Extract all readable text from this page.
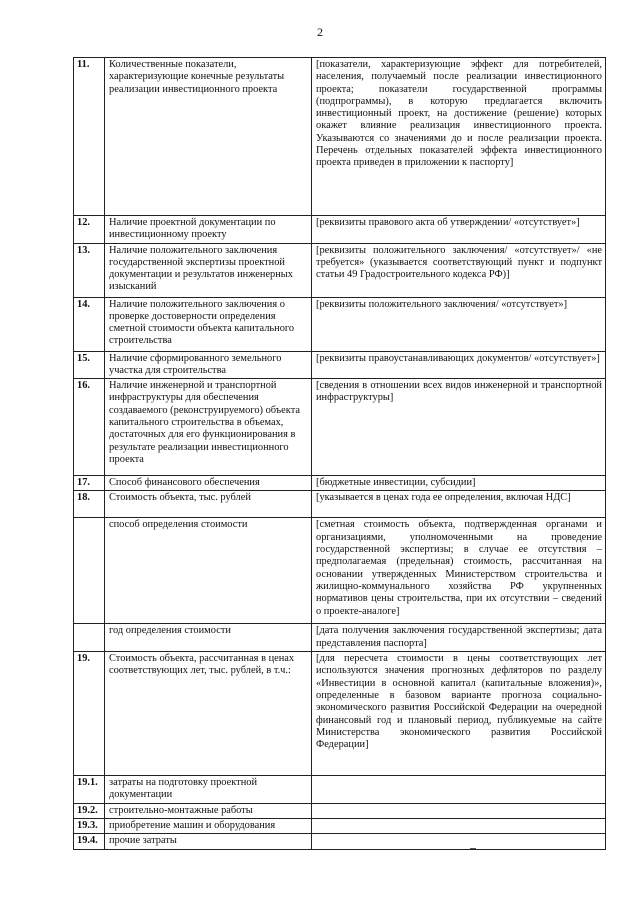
2
11.	Количественные показатели, характеризующие конечные результаты реализации инвестиционного проекта	[показатели, характеризующие эффект для потребителей, населения, получаемый после реализации инвестиционного проекта; показатели государственной программы (подпрограммы), в которую предлагается включить инвестиционный проект, на достижение (решение) которых окажет влияние реализация инвестиционного проекта. Указываются со значениями до и после реализации проекта. Перечень отдельных показателей эффекта инвестиционного проекта приведен в приложении к паспорту]
12.	Наличие проектной документации по инвестиционному проекту	[реквизиты правового акта об утверждении/ «отсутствует»]
13.	Наличие положительного заключения государственной экспертизы проектной документации и результатов инженерных изысканий	[реквизиты положительного заключения/ «отсутствует»/ «не требуется» (указывается соответствующий пункт и подпункт статьи 49 Градостроительного кодекса РФ)]
14.	Наличие положительного заключения о проверке достоверности определения сметной стоимости объекта капитального строительства	[реквизиты положительного заключения/ «отсутствует»]
15.	Наличие сформированного земельного участка для строительства	[реквизиты правоустанавливающих документов/ «отсутствует»]
16.	Наличие инженерной и транспортной инфраструктуры для обеспечения создаваемого (реконструируемого) объекта капитального строительства в объемах, достаточных для его функционирования в результате реализации инвестиционного проекта	[сведения в отношении всех видов инженерной и транспортной инфраструктуры]
17.	Способ финансового обеспечения	[бюджетные инвестиции, субсидии]
18.	Стоимость объекта, тыс. рублей	[указывается в ценах года ее определения, включая НДС]
	способ определения стоимости	[сметная стоимость объекта, подтвержденная органами и организациями, уполномоченными на проведение государственной экспертизы; в случае ее отсутствия – предполагаемая (предельная) стоимость, рассчитанная на основании утвержденных Министерством строительства и жилищно-коммунального хозяйства РФ укрупненных нормативов цены строительства, при их отсутствии – сведений о проекте-аналоге]
	год определения стоимости	[дата получения заключения государственной экспертизы; дата представления паспорта]
19.	Стоимость объекта, рассчитанная в ценах соответствующих лет, тыс. рублей, в т.ч.:	[для пересчета стоимости в цены соответствующих лет используются значения прогнозных дефляторов по разделу «Инвестиции в основной капитал (капитальные вложения)», определенные в базовом варианте прогноза социально-экономического развития Российской Федерации на очередной финансовый год и плановый период, публикуемые на сайте Министерства экономического развития Российской Федерации]
19.1.	затраты на подготовку проектной документации	
19.2.	строительно-монтажные работы	
19.3.	приобретение машин и оборудования	
19.4.	прочие затраты	
